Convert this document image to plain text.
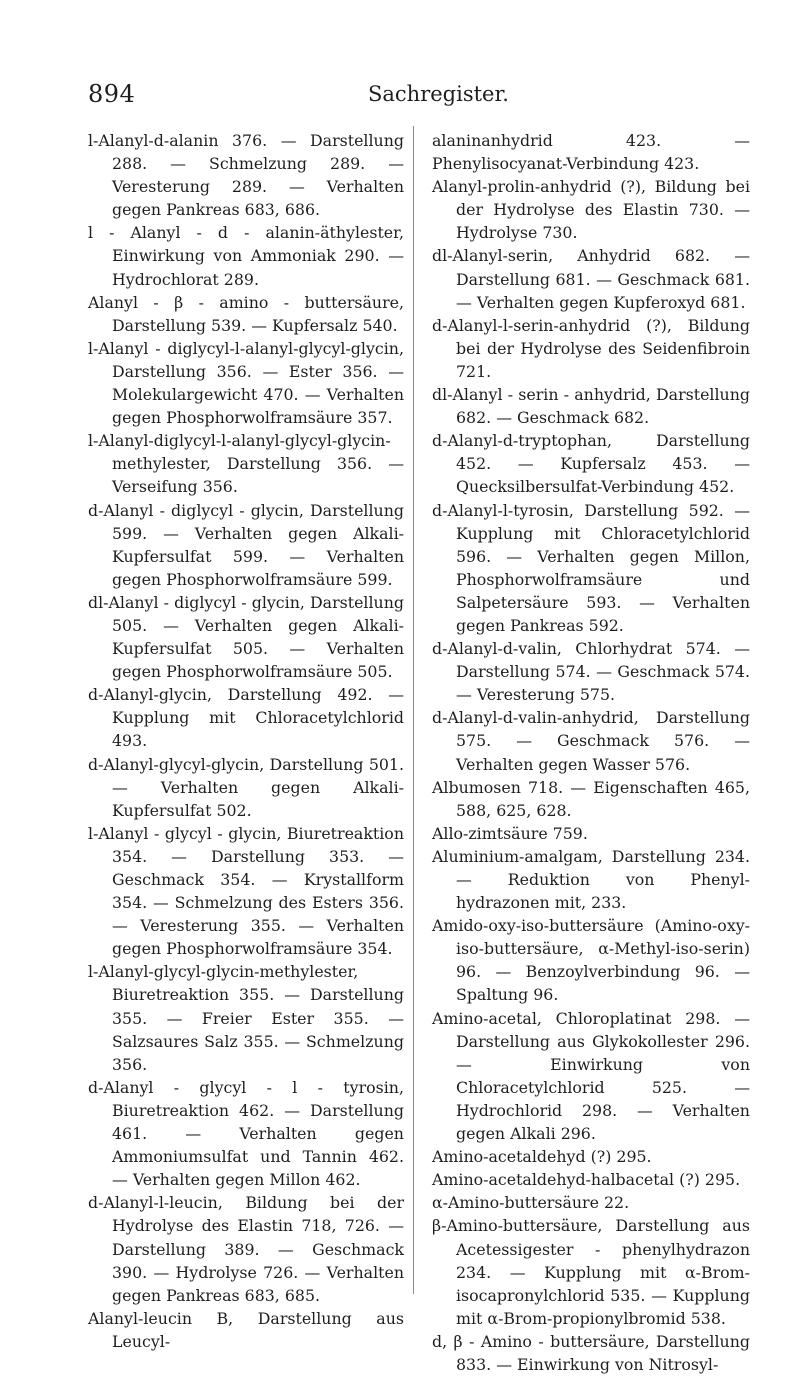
894	Sachregister.

l-Alanyl-d-alanin 376. — Darstellung 288. — Schmelzung 289. — Veresterung 289. — Verhalten gegen Pankreas 683, 686.

l - Alanyl - d - alanin-äthylester, Einwirkung von Ammoniak 290. — Hydrochlorat 289.

Alanyl - β - amino - buttersäure, Darstellung 539. — Kupfersalz 540.

l-Alanyl - diglycyl-l-alanyl-glycyl-glycin, Darstellung 356. — Ester 356. — Molekulargewicht 470. — Verhalten gegen Phosphorwolframsäure 357.

l-Alanyl-diglycyl-l-alanyl-glycyl-glycin-methylester, Darstellung 356. — Verseifung 356.

d-Alanyl - diglycyl - glycin, Darstellung 599. — Verhalten gegen Alkali-Kupfersulfat 599. — Verhalten gegen Phosphorwolframsäure 599.

dl-Alanyl - diglycyl - glycin, Darstellung 505. — Verhalten gegen Alkali-Kupfersulfat 505. — Verhalten gegen Phosphorwolframsäure 505.

d-Alanyl-glycin, Darstellung 492. — Kupplung mit Chloracetylchlorid 493.

d-Alanyl-glycyl-glycin, Darstellung 501. — Verhalten gegen Alkali-Kupfersulfat 502.

l-Alanyl - glycyl - glycin, Biuretreaktion 354. — Darstellung 353. — Geschmack 354. — Krystallform 354. — Schmelzung des Esters 356. — Veresterung 355. — Verhalten gegen Phosphorwolframsäure 354.

l-Alanyl-glycyl-glycin-methylester, Biuretreaktion 355. — Darstellung 355. — Freier Ester 355. — Salzsaures Salz 355. — Schmelzung 356.

d-Alanyl - glycyl - l - tyrosin, Biuretreaktion 462. — Darstellung 461. — Verhalten gegen Ammoniumsulfat und Tannin 462. — Verhalten gegen Millon 462.

d-Alanyl-l-leucin, Bildung bei der Hydrolyse des Elastin 718, 726. — Darstellung 389. — Geschmack 390. — Hydrolyse 726. — Verhalten gegen Pankreas 683, 685.

Alanyl-leucin B, Darstellung aus Leucyl-

alaninanhydrid 423. — Phenylisocyanat-Verbindung 423.

Alanyl-prolin-anhydrid (?), Bildung bei der Hydrolyse des Elastin 730. — Hydrolyse 730.

dl-Alanyl-serin, Anhydrid 682. — Darstellung 681. — Geschmack 681. — Verhalten gegen Kupferoxyd 681.

d-Alanyl-l-serin-anhydrid (?), Bildung bei der Hydrolyse des Seidenfibroin 721.

dl-Alanyl - serin - anhydrid, Darstellung 682. — Geschmack 682.

d-Alanyl-d-tryptophan, Darstellung 452. — Kupfersalz 453. — Quecksilbersulfat-Verbindung 452.

d-Alanyl-l-tyrosin, Darstellung 592. — Kupplung mit Chloracetylchlorid 596. — Verhalten gegen Millon, Phosphorwolframsäure und Salpetersäure 593. — Verhalten gegen Pankreas 592.

d-Alanyl-d-valin, Chlorhydrat 574. — Darstellung 574. — Geschmack 574. — Veresterung 575.

d-Alanyl-d-valin-anhydrid, Darstellung 575. — Geschmack 576. — Verhalten gegen Wasser 576.

Albumosen 718. — Eigenschaften 465, 588, 625, 628.

Allo-zimtsäure 759.

Aluminium-amalgam, Darstellung 234. — Reduktion von Phenyl-hydrazonen mit, 233.

Amido-oxy-iso-buttersäure (Amino-oxy-iso-buttersäure, α-Methyl-iso-serin) 96. — Benzoylverbindung 96. — Spaltung 96.

Amino-acetal, Chloroplatinat 298. — Darstellung aus Glykokollester 296. — Einwirkung von Chloracetylchlorid 525. — Hydrochlorid 298. — Verhalten gegen Alkali 296.

Amino-acetaldehyd (?) 295.

Amino-acetaldehyd-halbacetal (?) 295.

α-Amino-buttersäure 22.

β-Amino-buttersäure, Darstellung aus Acetessigester - phenylhydrazon 234. — Kupplung mit α-Brom-isocapronylchlorid 535. — Kupplung mit α-Brom-propionylbromid 538.

d, β - Amino - buttersäure, Darstellung 833. — Einwirkung von Nitrosyl-
